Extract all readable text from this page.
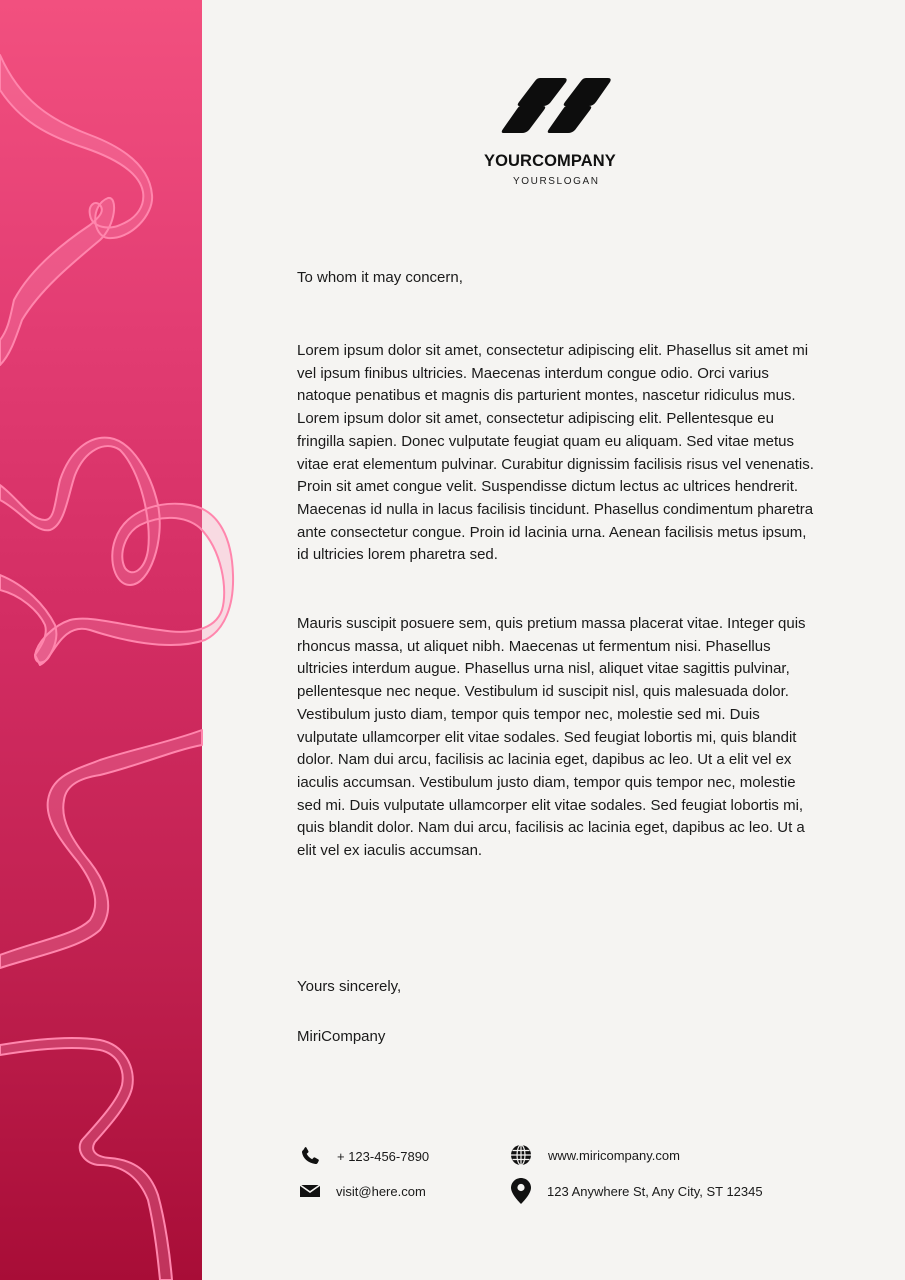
YOURCOMPANY
YOURSLOGAN
To whom it may concern,

Lorem ipsum dolor sit amet, consectetur adipiscing elit. Phasellus sit amet mi vel ipsum finibus ultricies. Maecenas interdum congue odio. Orci varius natoque penatibus et magnis dis parturient montes, nascetur ridiculus mus. Lorem ipsum dolor sit amet, consectetur adipiscing elit. Pellentesque eu fringilla sapien. Donec vulputate feugiat quam eu aliquam. Sed vitae metus vitae erat elementum pulvinar. Curabitur dignissim facilisis risus vel venenatis. Proin sit amet congue velit. Suspendisse dictum lectus ac ultrices hendrerit. Maecenas id nulla in lacus facilisis tincidunt. Phasellus condimentum pharetra ante consectetur congue. Proin id lacinia urna. Aenean facilisis metus ipsum, id ultricies lorem pharetra sed.

Mauris suscipit posuere sem, quis pretium massa placerat vitae. Integer quis rhoncus massa, ut aliquet nibh. Maecenas ut fermentum nisi. Phasellus ultricies interdum augue. Phasellus urna nisl, aliquet vitae sagittis pulvinar, pellentesque nec neque. Vestibulum id suscipit nisl, quis malesuada dolor. Vestibulum justo diam, tempor quis tempor nec, molestie sed mi. Duis vulputate ullamcorper elit vitae sodales. Sed feugiat lobortis mi, quis blandit dolor. Nam dui arcu, facilisis ac lacinia eget, dapibus ac leo. Ut a elit vel ex iaculis accumsan. Vestibulum justo diam, tempor quis tempor nec, molestie sed mi. Duis vulputate ullamcorper elit vitae sodales. Sed feugiat lobortis mi, quis blandit dolor. Nam dui arcu, facilisis ac lacinia eget, dapibus ac leo. Ut a elit vel ex iaculis accumsan.

Yours sincerely,
MiriCompany
+ 123-456-7890
visit@here.com
www.miricompany.com
123 Anywhere St, Any City, ST 12345
